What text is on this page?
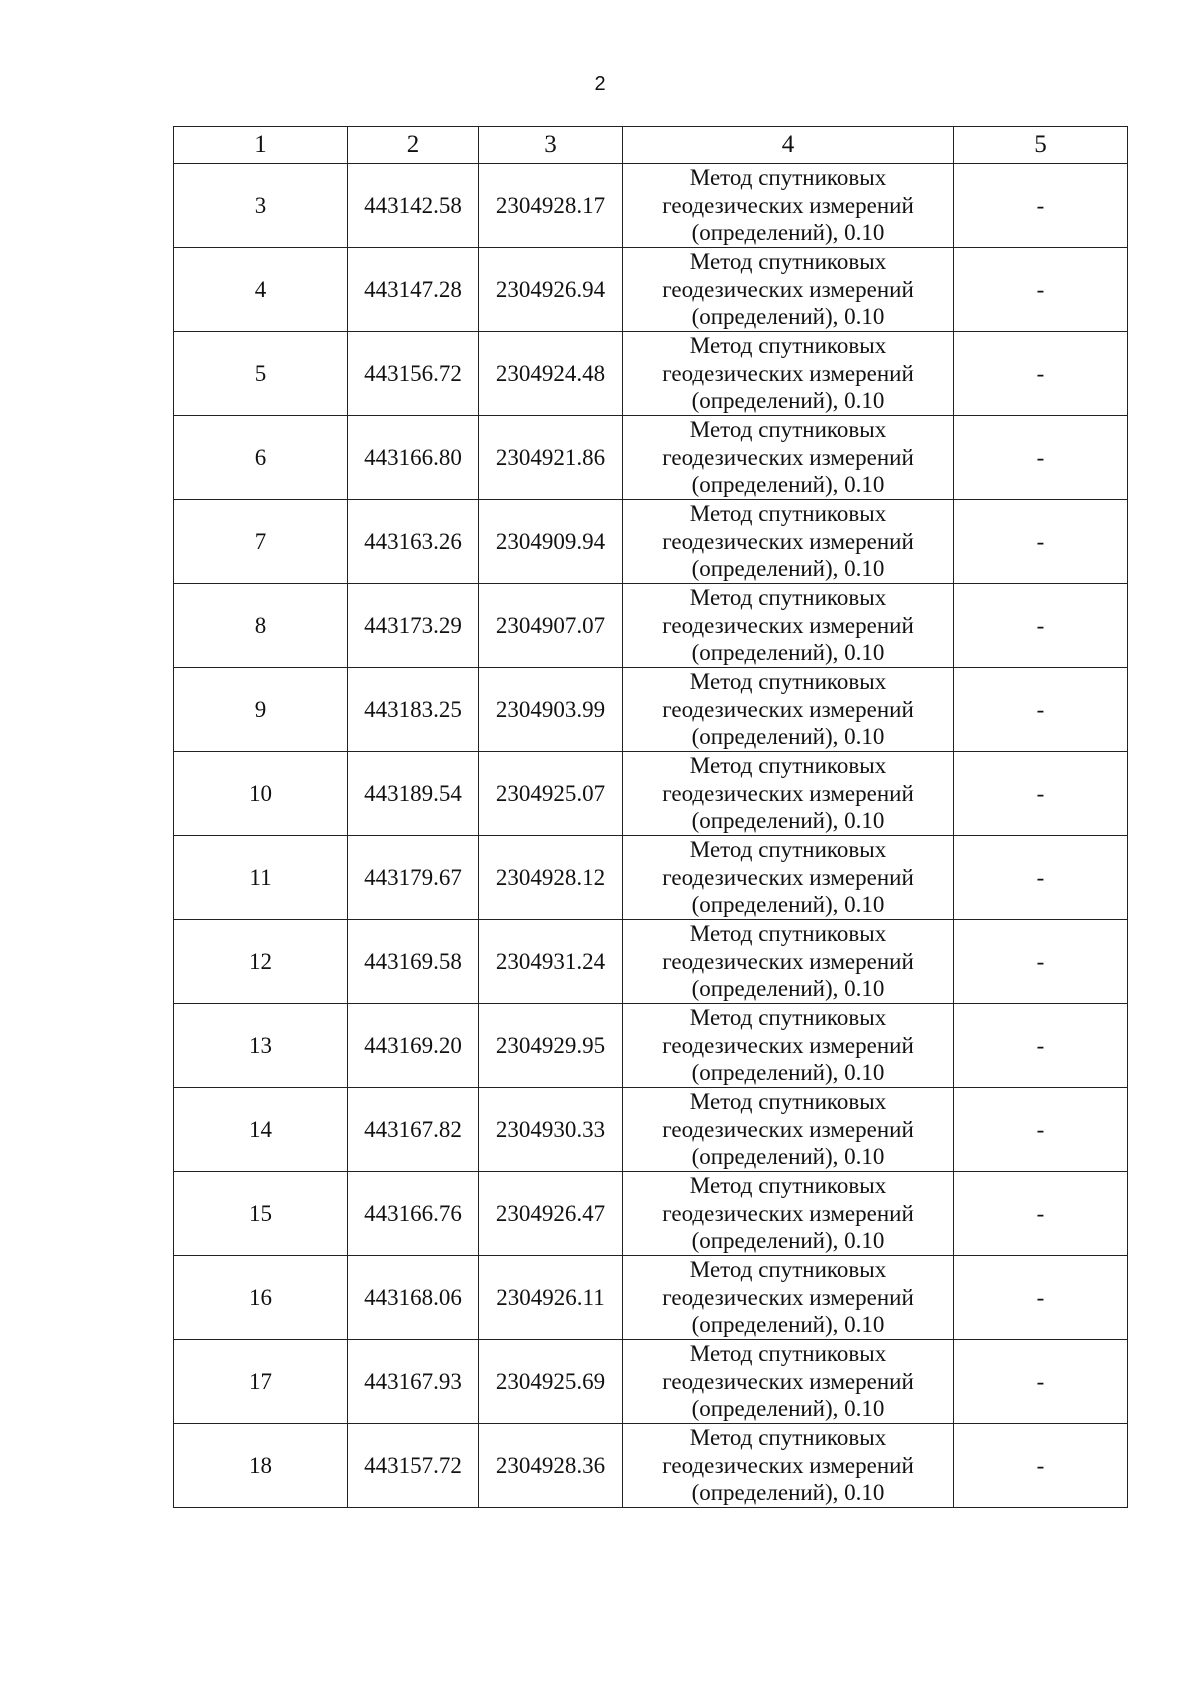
2
1	2	3	4	5
3	443142.58	2304928.17	Метод спутниковых
геодезических измерений
(определений), 0.10	-
4	443147.28	2304926.94	Метод спутниковых
геодезических измерений
(определений), 0.10	-
5	443156.72	2304924.48	Метод спутниковых
геодезических измерений
(определений), 0.10	-
6	443166.80	2304921.86	Метод спутниковых
геодезических измерений
(определений), 0.10	-
7	443163.26	2304909.94	Метод спутниковых
геодезических измерений
(определений), 0.10	-
8	443173.29	2304907.07	Метод спутниковых
геодезических измерений
(определений), 0.10	-
9	443183.25	2304903.99	Метод спутниковых
геодезических измерений
(определений), 0.10	-
10	443189.54	2304925.07	Метод спутниковых
геодезических измерений
(определений), 0.10	-
11	443179.67	2304928.12	Метод спутниковых
геодезических измерений
(определений), 0.10	-
12	443169.58	2304931.24	Метод спутниковых
геодезических измерений
(определений), 0.10	-
13	443169.20	2304929.95	Метод спутниковых
геодезических измерений
(определений), 0.10	-
14	443167.82	2304930.33	Метод спутниковых
геодезических измерений
(определений), 0.10	-
15	443166.76	2304926.47	Метод спутниковых
геодезических измерений
(определений), 0.10	-
16	443168.06	2304926.11	Метод спутниковых
геодезических измерений
(определений), 0.10	-
17	443167.93	2304925.69	Метод спутниковых
геодезических измерений
(определений), 0.10	-
18	443157.72	2304928.36	Метод спутниковых
геодезических измерений
(определений), 0.10	-
